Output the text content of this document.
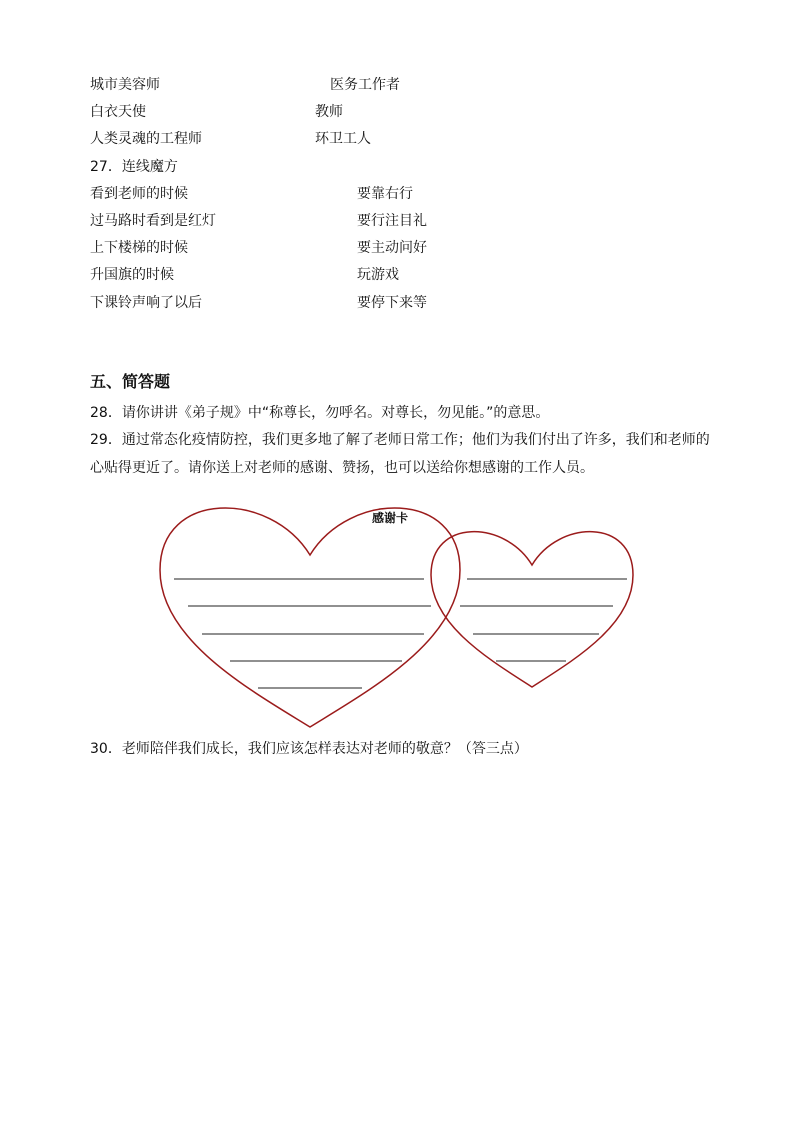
城市美容师	医务工作者
白衣天使	教师
人类灵魂的工程师	环卫工人
27．连线魔方
看到老师的时候	要靠右行
过马路时看到是红灯	要行注目礼
上下楼梯的时候	要主动问好
升国旗的时候	玩游戏
下课铃声响了以后	要停下来等
五、简答题
28．请你讲讲《弟子规》中“称尊长，勿呼名。对尊长，勿见能。”的意思。
29．通过常态化疫情防控，我们更多地了解了老师日常工作；他们为我们付出了许多，我们和老师的
心贴得更近了。请你送上对老师的感谢、赞扬，也可以送给你想感谢的工作人员。
感谢卡
30．老师陪伴我们成长，我们应该怎样表达对老师的敬意？（答三点）
